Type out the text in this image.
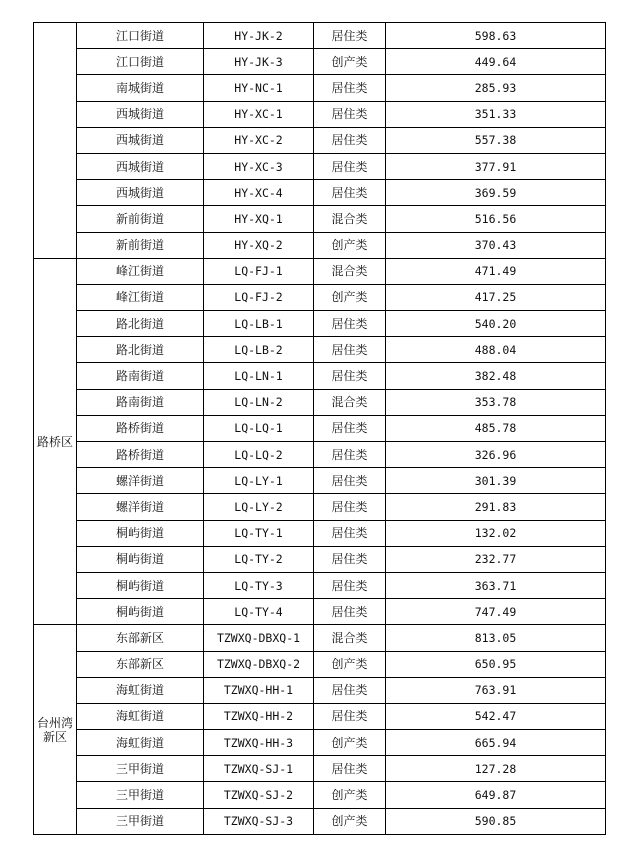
	江口街道	HY-JK-2	居住类	598.63
	江口街道	HY-JK-3	创产类	449.64
	南城街道	HY-NC-1	居住类	285.93
	西城街道	HY-XC-1	居住类	351.33
	西城街道	HY-XC-2	居住类	557.38
	西城街道	HY-XC-3	居住类	377.91
	西城街道	HY-XC-4	居住类	369.59
	新前街道	HY-XQ-1	混合类	516.56
	新前街道	HY-XQ-2	创产类	370.43
路桥区	峰江街道	LQ-FJ-1	混合类	471.49
	峰江街道	LQ-FJ-2	创产类	417.25
	路北街道	LQ-LB-1	居住类	540.20
	路北街道	LQ-LB-2	居住类	488.04
	路南街道	LQ-LN-1	居住类	382.48
	路南街道	LQ-LN-2	混合类	353.78
	路桥街道	LQ-LQ-1	居住类	485.78
	路桥街道	LQ-LQ-2	居住类	326.96
	螺洋街道	LQ-LY-1	居住类	301.39
	螺洋街道	LQ-LY-2	居住类	291.83
	桐屿街道	LQ-TY-1	居住类	132.02
	桐屿街道	LQ-TY-2	居住类	232.77
	桐屿街道	LQ-TY-3	居住类	363.71
	桐屿街道	LQ-TY-4	居住类	747.49
台州湾新区	东部新区	TZWXQ-DBXQ-1	混合类	813.05
	东部新区	TZWXQ-DBXQ-2	创产类	650.95
	海虹街道	TZWXQ-HH-1	居住类	763.91
	海虹街道	TZWXQ-HH-2	居住类	542.47
	海虹街道	TZWXQ-HH-3	创产类	665.94
	三甲街道	TZWXQ-SJ-1	居住类	127.28
	三甲街道	TZWXQ-SJ-2	创产类	649.87
	三甲街道	TZWXQ-SJ-3	创产类	590.85
